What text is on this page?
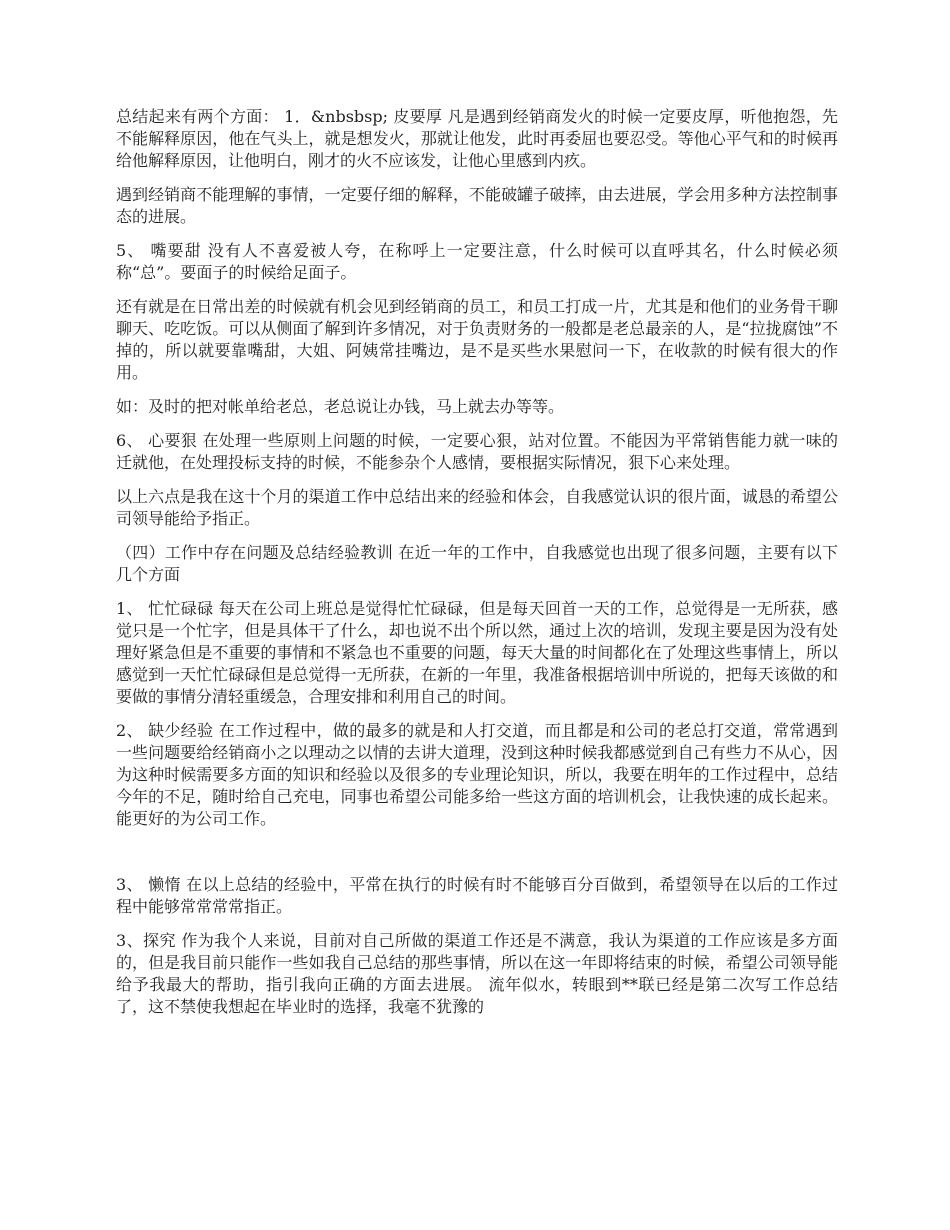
总结起来有两个方面： 1．&nbsbsp; 皮要厚 凡是遇到经销商发火的时候一定要皮厚，听他抱怨，先不能解释原因，他在气头上，就是想发火，那就让他发，此时再委屈也要忍受。等他心平气和的时候再给他解释原因，让他明白，刚才的火不应该发，让他心里感到内疚。

遇到经销商不能理解的事情，一定要仔细的解释，不能破罐子破摔，由去进展，学会用多种方法控制事态的进展。

5、 嘴要甜 没有人不喜爱被人夸，在称呼上一定要注意，什么时候可以直呼其名，什么时候必须称“总”。要面子的时候给足面子。

还有就是在日常出差的时候就有机会见到经销商的员工，和员工打成一片，尤其是和他们的业务骨干聊聊天、吃吃饭。可以从侧面了解到许多情况，对于负责财务的一般都是老总最亲的人，是“拉拢腐蚀”不掉的，所以就要靠嘴甜，大姐、阿姨常挂嘴边，是不是买些水果慰问一下，在收款的时候有很大的作用。

如：及时的把对帐单给老总，老总说让办钱，马上就去办等等。

6、 心要狠 在处理一些原则上问题的时候，一定要心狠，站对位置。不能因为平常销售能力就一味的迁就他，在处理投标支持的时候，不能参杂个人感情，要根据实际情况，狠下心来处理。

以上六点是我在这十个月的渠道工作中总结出来的经验和体会，自我感觉认识的很片面，诚恳的希望公司领导能给予指正。

（四）工作中存在问题及总结经验教训 在近一年的工作中，自我感觉也出现了很多问题，主要有以下几个方面

1、 忙忙碌碌 每天在公司上班总是觉得忙忙碌碌，但是每天回首一天的工作，总觉得是一无所获，感觉只是一个忙字，但是具体干了什么，却也说不出个所以然，通过上次的培训，发现主要是因为没有处理好紧急但是不重要的事情和不紧急也不重要的问题，每天大量的时间都化在了处理这些事情上，所以感觉到一天忙忙碌碌但是总觉得一无所获，在新的一年里，我准备根据培训中所说的，把每天该做的和要做的事情分清轻重缓急，合理安排和利用自己的时间。

2、 缺少经验 在工作过程中，做的最多的就是和人打交道，而且都是和公司的老总打交道，常常遇到一些问题要给经销商小之以理动之以情的去讲大道理，没到这种时候我都感觉到自己有些力不从心，因为这种时候需要多方面的知识和经验以及很多的专业理论知识，所以，我要在明年的工作过程中，总结今年的不足，随时给自己充电，同事也希望公司能多给一些这方面的培训机会，让我快速的成长起来。能更好的为公司工作。

3、 懒惰 在以上总结的经验中，平常在执行的时候有时不能够百分百做到，希望领导在以后的工作过程中能够常常常常指正。

3、探究 作为我个人来说，目前对自己所做的渠道工作还是不满意，我认为渠道的工作应该是多方面的，但是我目前只能作一些如我自己总结的那些事情，所以在这一年即将结束的时候，希望公司领导能给予我最大的帮助，指引我向正确的方面去进展。 流年似水，转眼到**联已经是第二次写工作总结了，这不禁使我想起在毕业时的选择，我毫不犹豫的
